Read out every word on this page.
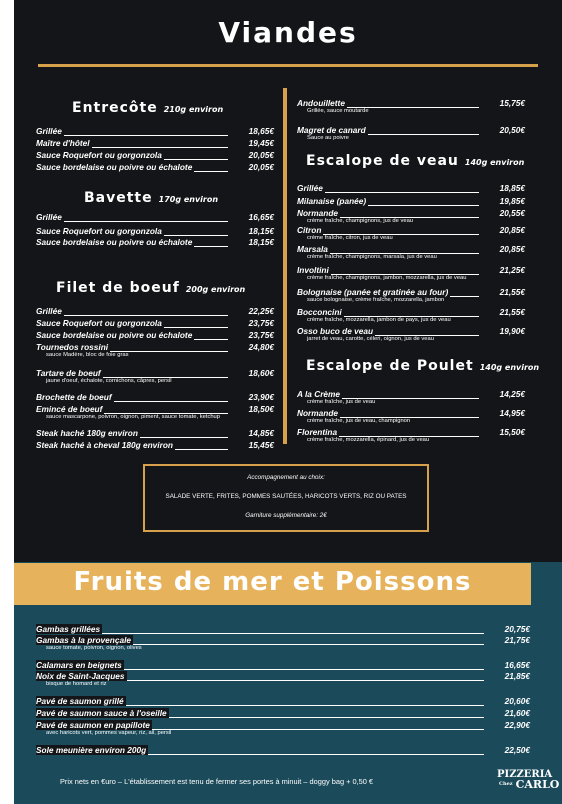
Viandes
Entrecôte 210g environ
Grillée	18,65€
Maître d'hôtel	19,45€
Sauce Roquefort ou gorgonzola	20,05€
Sauce bordelaise ou poivre ou échalote	20,05€
Bavette 170g environ
Grillée	16,65€
Sauce Roquefort ou gorgonzola	18,15€
Sauce bordelaise ou poivre ou échalote	18,15€
Filet de boeuf 200g environ
Grillée	22,25€
Sauce Roquefort ou gorgonzola	23,75€
Sauce bordelaise ou poivre ou échalote	23,75€
Tournedos rossini	24,80€
sauce Madère, bloc de foie gras
Tartare de boeuf	18,60€
jaune d'oeuf, échalote, cornichons, câpres, persil
Brochette de boeuf	23,90€
Emincé de boeuf	18,50€
sauce mascarpone, poivron, oignon, piment, sauce tomate, ketchup
Steak haché 180g environ	14,85€
Steak haché à cheval 180g environ	15,45€
Andouillette	15,75€
Grillée, sauce moutarde
Magret de canard	20,50€
Sauce au poivre
Escalope de veau 140g environ
Grillée	18,85€
Milanaise (panée)	19,85€
Normande	20,55€
crème fraîche, champignons, jus de veau
Citron	20,85€
crème fraîche, citron, jus de veau
Marsala	20,85€
crème fraîche, champignons, marsala, jus de veau
Involtini	21,25€
crème fraîche, champignons, jambon, mozzarella, jus de veau
Bolognaise (panée et gratinée au four)	21,55€
sauce bolognaise, crème fraîche, mozzarella, jambon
Bocconcini	21,55€
crème fraîche, mozzarella, jambon de pays, jus de veau
Osso buco de veau	19,90€
jarret de veau, carotte, céleri, oignon, jus de veau
Escalope de Poulet 140g environ
A la Crème	14,25€
crème fraîche, jus de veau
Normande	14,95€
crème fraîche, jus de veau, champignon
Florentina	15,50€
crème fraîche, mozzarella, épinard, jus de veau
Accompagnement au choix:
SALADE VERTE, FRITES, POMMES SAUTÉES, HARICOTS VERTS, RIZ OU PATES
Garniture supplémentaire: 2€
Fruits de mer et Poissons
Gambas grillées	20,75€
Gambas à la provençale	21,75€
sauce tomate, poivron, oignon, olives
Calamars en beignets	16,65€
Noix de Saint-Jacques	21,85€
bisque de homard et riz
Pavé de saumon grillé	20,60€
Pavé de saumon sauce à l'oseille	21,60€
Pavé de saumon en papillote	22,90€
avec haricots vert, pommes vapeur, riz, ail, persil
Sole meunière environ 200g	22,50€
Prix nets en €uro – L'établissement est tenu de fermer ses portes à minuit – doggy bag + 0,50 €
PIZZERIA
Chez CARLO
